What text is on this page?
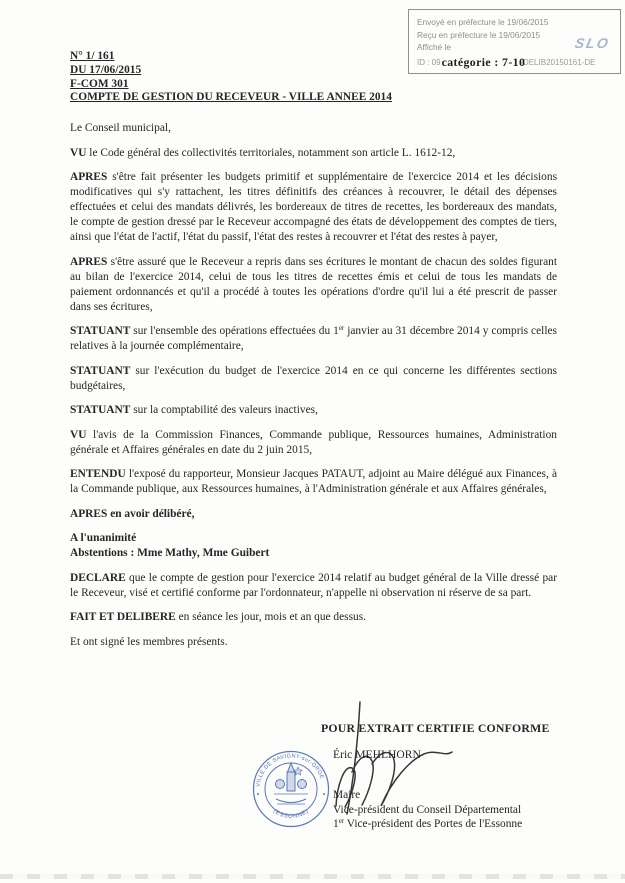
Envoyé en préfecture le 19/06/2015
Reçu en préfecture le 19/06/2015
Affiché le	SLO
ID : 09catégorie : 7-10-DELIB20150161-DE
N° 1/ 161
DU 17/06/2015
F-COM 301
COMPTE DE GESTION DU RECEVEUR - VILLE ANNEE 2014

Le Conseil municipal,

VU le Code général des collectivités territoriales, notamment son article L. 1612-12,

APRES s'être fait présenter les budgets primitif et supplémentaire de l'exercice 2014 et les décisions modificatives qui s'y rattachent, les titres définitifs des créances à recouvrer, le détail des dépenses effectuées et celui des mandats délivrés, les bordereaux de titres de recettes, les bordereaux des mandats, le compte de gestion dressé par le Receveur accompagné des états de développement des comptes de tiers, ainsi que l'état de l'actif, l'état du passif, l'état des restes à recouvrer et l'état des restes à payer,

APRES s'être assuré que le Receveur a repris dans ses écritures le montant de chacun des soldes figurant au bilan de l'exercice 2014, celui de tous les titres de recettes émis et celui de tous les mandats de paiement ordonnancés et qu'il a procédé à toutes les opérations d'ordre qu'il lui a été prescrit de passer dans ses écritures,

STATUANT sur l'ensemble des opérations effectuées du 1er janvier au 31 décembre 2014 y compris celles relatives à la journée complémentaire,

STATUANT sur l'exécution du budget de l'exercice 2014 en ce qui concerne les différentes sections budgétaires,

STATUANT sur la comptabilité des valeurs inactives,

VU l'avis de la Commission Finances, Commande publique, Ressources humaines, Administration générale et Affaires générales en date du 2 juin 2015,

ENTENDU l'exposé du rapporteur, Monsieur Jacques PATAUT, adjoint au Maire délégué aux Finances, à la Commande publique, aux Ressources humaines, à l'Administration générale et aux Affaires générales,

APRES en avoir délibéré,

A l'unanimité
Abstentions : Mme Mathy, Mme Guibert

DECLARE que le compte de gestion pour l'exercice 2014 relatif au budget général de la Ville dressé par le Receveur, visé et certifié conforme par l'ordonnateur, n'appelle ni observation ni réserve de sa part.

FAIT ET DELIBERE en séance les jour, mois et an que dessus.

Et ont signé les membres présents.

POUR EXTRAIT CERTIFIE CONFORME
Éric MEHLHORN
Maire
Vice-président du Conseil Départemental
1er Vice-président des Portes de l'Essonne
VILLE DE SAVIGNY-sur-ORGE
(ESSONNE)
